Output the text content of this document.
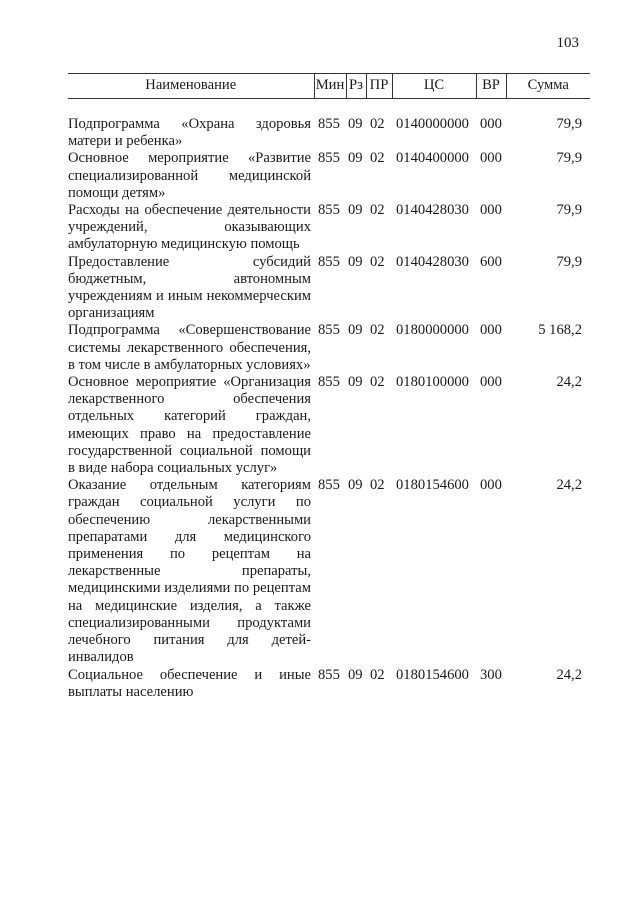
103
Наименование	Мин	Рз	ПР	ЦС	ВР	Сумма

Подпрограмма «Охрана здоровья матери и ребенка»	855	09	02	0140000000	000	79,9
Основное мероприятие «Развитие специализированной медицинской помощи детям»	855	09	02	0140400000	000	79,9
Расходы на обеспечение деятельности учреждений, оказывающих амбулаторную медицинскую помощь	855	09	02	0140428030	000	79,9
Предоставление субсидий бюджетным, автономным учреждениям и иным некоммерческим организациям	855	09	02	0140428030	600	79,9
Подпрограмма «Совершенствование системы лекарственного обеспечения, в том числе в амбулаторных условиях»	855	09	02	0180000000	000	5 168,2
Основное мероприятие «Организация лекарственного обеспечения отдельных категорий граждан, имеющих право на предоставление государственной социальной помощи в виде набора социальных услуг»	855	09	02	0180100000	000	24,2
Оказание отдельным категориям граждан социальной услуги по обеспечению лекарственными препаратами для медицинского применения по рецептам на лекарственные препараты, медицинскими изделиями по рецептам на медицинские изделия, а также специализированными продуктами лечебного питания для детей-инвалидов	855	09	02	0180154600	000	24,2
Социальное обеспечение и иные выплаты населению	855	09	02	0180154600	300	24,2
